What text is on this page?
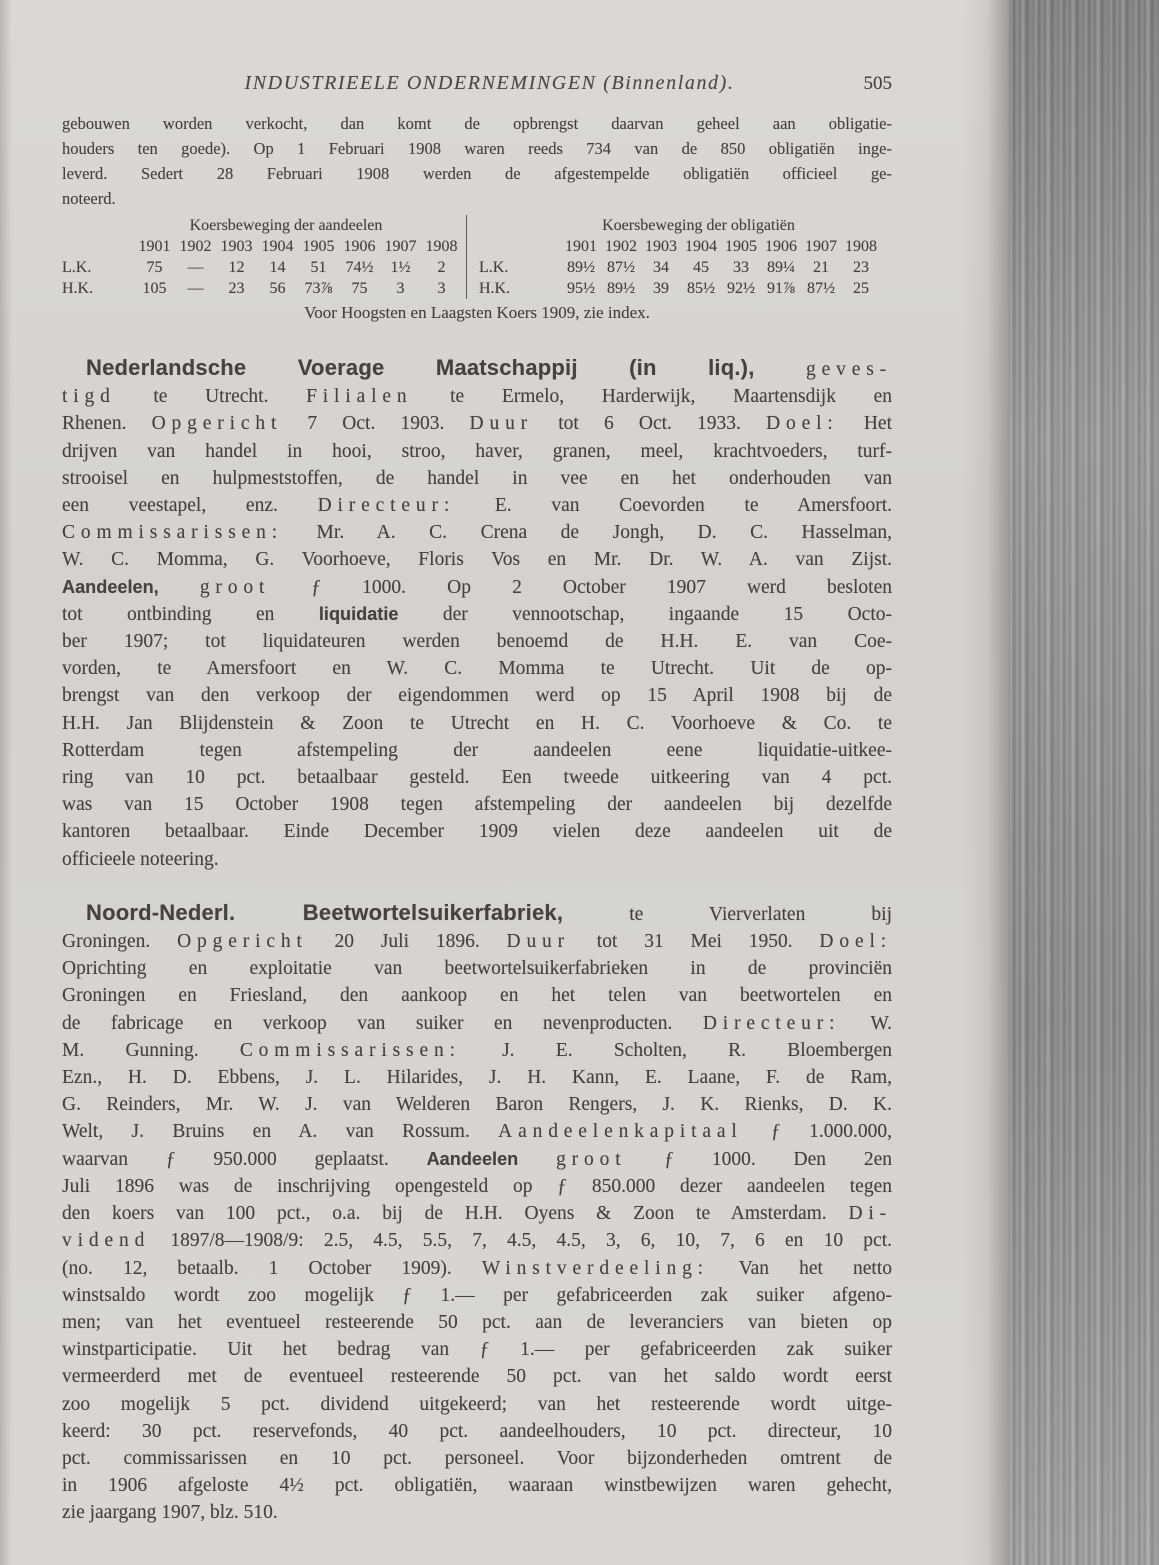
INDUSTRIEELE ONDERNEMINGEN (Binnenland).	505
gebouwen worden verkocht, dan komt de opbrengst daarvan geheel aan obligatie-
houders ten goede). Op 1 Februari 1908 waren reeds 734 van de 850 obligatiën inge-
leverd. Sedert 28 Februari 1908 werden de afgestempelde obligatiën officieel ge-
noteerd.
Koersbeweging der aandeelen
1901 1902 1903 1904 1905 1906 1907 1908
L.K.	75	—	12	14	51	74½	1½	2
H.K.	105	—	23	56	73⅞	75	3	3
Koersbeweging der obligatiën
1901 1902 1903 1904 1905 1906 1907 1908
L.K.	89½ 87½	34	45	33	89¼	21	23
H.K.	95½ 89½	39	85½ 92½ 91⅞ 87½	25
Voor Hoogsten en Laagsten Koers 1909, zie index.
Nederlandsche Voerage Maatschappij (in liq.), geves-
tigd te Utrecht. Filialen te Ermelo, Harderwijk, Maartensdijk en
Rhenen. Opgericht 7 Oct. 1903. Duur tot 6 Oct. 1933. Doel: Het
drijven van handel in hooi, stroo, haver, granen, meel, krachtvoeders, turf-
strooisel en hulpmeststoffen, de handel in vee en het onderhouden van
een veestapel, enz. Directeur: E. van Coevorden te Amersfoort.
Commissarissen: Mr. A. C. Crena de Jongh, D. C. Hasselman,
W. C. Momma, G. Voorhoeve, Floris Vos en Mr. Dr. W. A. van Zijst.
Aandeelen, groot ƒ 1000. Op 2 October 1907 werd besloten
tot ontbinding en liquidatie der vennootschap, ingaande 15 Octo-
ber 1907; tot liquidateuren werden benoemd de H.H. E. van Coe-
vorden, te Amersfoort en W. C. Momma te Utrecht. Uit de op-
brengst van den verkoop der eigendommen werd op 15 April 1908 bij de
H.H. Jan Blijdenstein & Zoon te Utrecht en H. C. Voorhoeve & Co. te
Rotterdam tegen afstempeling der aandeelen eene liquidatie-uitkee-
ring van 10 pct. betaalbaar gesteld. Een tweede uitkeering van 4 pct.
was van 15 October 1908 tegen afstempeling der aandeelen bij dezelfde
kantoren betaalbaar. Einde December 1909 vielen deze aandeelen uit de
officieele noteering.
Noord-Nederl. Beetwortelsuikerfabriek, te Vierverlaten bij
Groningen. Opgericht 20 Juli 1896. Duur tot 31 Mei 1950. Doel:
Oprichting en exploitatie van beetwortelsuikerfabrieken in de provinciën
Groningen en Friesland, den aankoop en het telen van beetwortelen en
de fabricage en verkoop van suiker en nevenproducten. Directeur: W.
M. Gunning. Commissarissen: J. E. Scholten, R. Bloembergen
Ezn., H. D. Ebbens, J. L. Hilarides, J. H. Kann, E. Laane, F. de Ram,
G. Reinders, Mr. W. J. van Welderen Baron Rengers, J. K. Rienks, D. K.
Welt, J. Bruins en A. van Rossum. Aandeelenkapitaal ƒ 1.000.000,
waarvan ƒ 950.000 geplaatst. Aandeelen groot ƒ 1000. Den 2en
Juli 1896 was de inschrijving opengesteld op ƒ 850.000 dezer aandeelen tegen
den koers van 100 pct., o.a. bij de H.H. Oyens & Zoon te Amsterdam. Di-
vidend 1897/8—1908/9: 2.5, 4.5, 5.5, 7, 4.5, 4.5, 3, 6, 10, 7, 6 en 10 pct.
(no. 12, betaalb. 1 October 1909). Winstverdeeling: Van het netto
winstsaldo wordt zoo mogelijk ƒ 1.— per gefabriceerden zak suiker afgeno-
men; van het eventueel resteerende 50 pct. aan de leveranciers van bieten op
winstparticipatie. Uit het bedrag van ƒ 1.— per gefabriceerden zak suiker
vermeerderd met de eventueel resteerende 50 pct. van het saldo wordt eerst
zoo mogelijk 5 pct. dividend uitgekeerd; van het resteerende wordt uitge-
keerd: 30 pct. reservefonds, 40 pct. aandeelhouders, 10 pct. directeur, 10
pct. commissarissen en 10 pct. personeel. Voor bijzonderheden omtrent de
in 1906 afgeloste 4½ pct. obligatiën, waaraan winstbewijzen waren gehecht,
zie jaargang 1907, blz. 510.
